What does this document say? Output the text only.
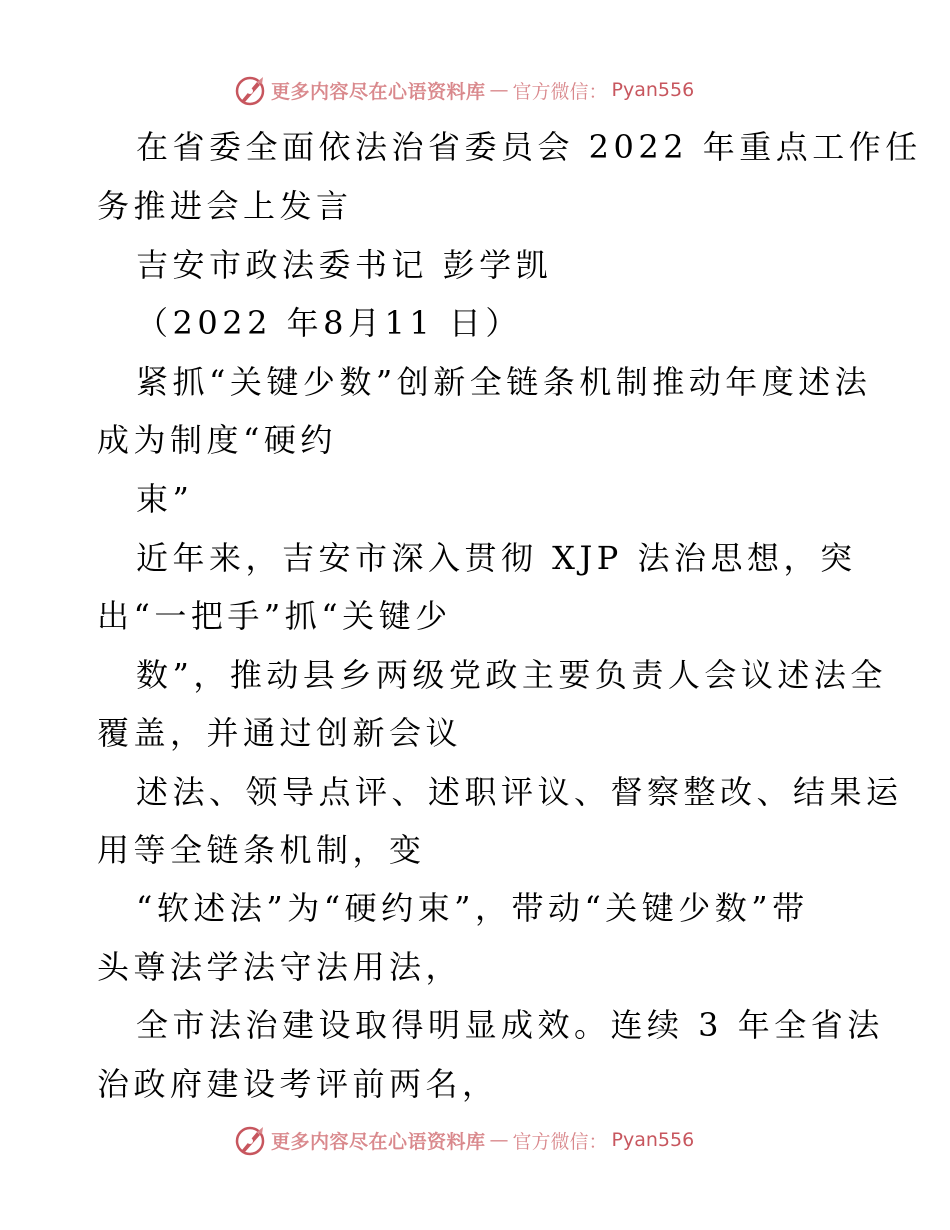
更多内容尽在心语资料库 — 官方微信： Pyan556
在省委全面依法治省委员会 2022 年重点工作任
务推进会上发言
吉安市政法委书记 彭学凯
（2022 年8月11 日）
紧抓“关键少数”创新全链条机制推动年度述法
成为制度“硬约
束”
近年来，吉安市深入贯彻 XJP 法治思想，突
出“一把手”抓“关键少
数”，推动县乡两级党政主要负责人会议述法全
覆盖，并通过创新会议
述法、领导点评、述职评议、督察整改、结果运
用等全链条机制，变
“软述法”为“硬约束”，带动“关键少数”带
头尊法学法守法用法，
全市法治建设取得明显成效。连续 3 年全省法
治政府建设考评前两名，
更多内容尽在心语资料库 — 官方微信： Pyan556
